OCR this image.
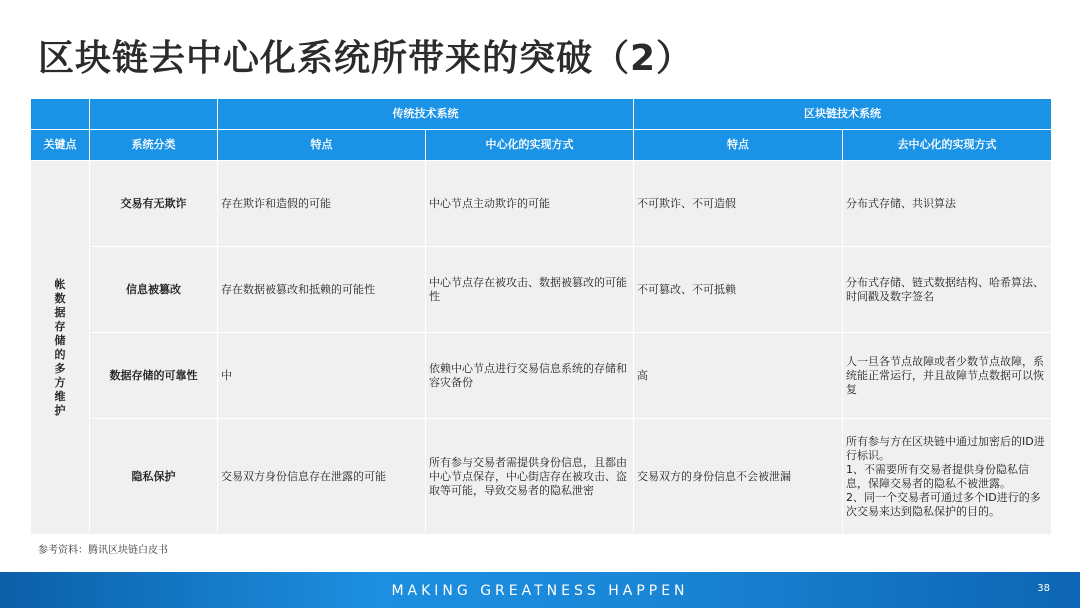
区块链去中心化系统所带来的突破（2）
		传统技术系统		区块链技术系统	
关键点	系统分类	特点	中心化的实现方式	特点	去中心化的实现方式
帐数据存储的多方维护	交易有无欺诈	存在欺诈和造假的可能	中心节点主动欺诈的可能	不可欺诈、不可造假	分布式存储、共识算法
	信息被篡改	存在数据被篡改和抵赖的可能性	中心节点存在被攻击、数据被篡改的可能性	不可篡改、不可抵赖	分布式存储、链式数据结构、哈希算法、时间戳及数字签名
	数据存储的可靠性	中	依赖中心节点进行交易信息系统的存储和容灾备份	高	人一旦各节点故障或者少数节点故障，系统能正常运行，并且故障节点数据可以恢复
	隐私保护	交易双方身份信息存在泄露的可能	所有参与交易者需提供身份信息，且都由中心节点保存，中心街店存在被攻击、盗取等可能，导致交易者的隐私泄密	交易双方的身份信息不会被泄漏	所有参与方在区块链中通过加密后的ID进行标识。
1、不需要所有交易者提供身份隐私信息，保障交易者的隐私不被泄露。
2、同一个交易者可通过多个ID进行的多次交易来达到隐私保护的目的。
参考资料：腾讯区块链白皮书
MAKING GREATNESS HAPPEN	38
